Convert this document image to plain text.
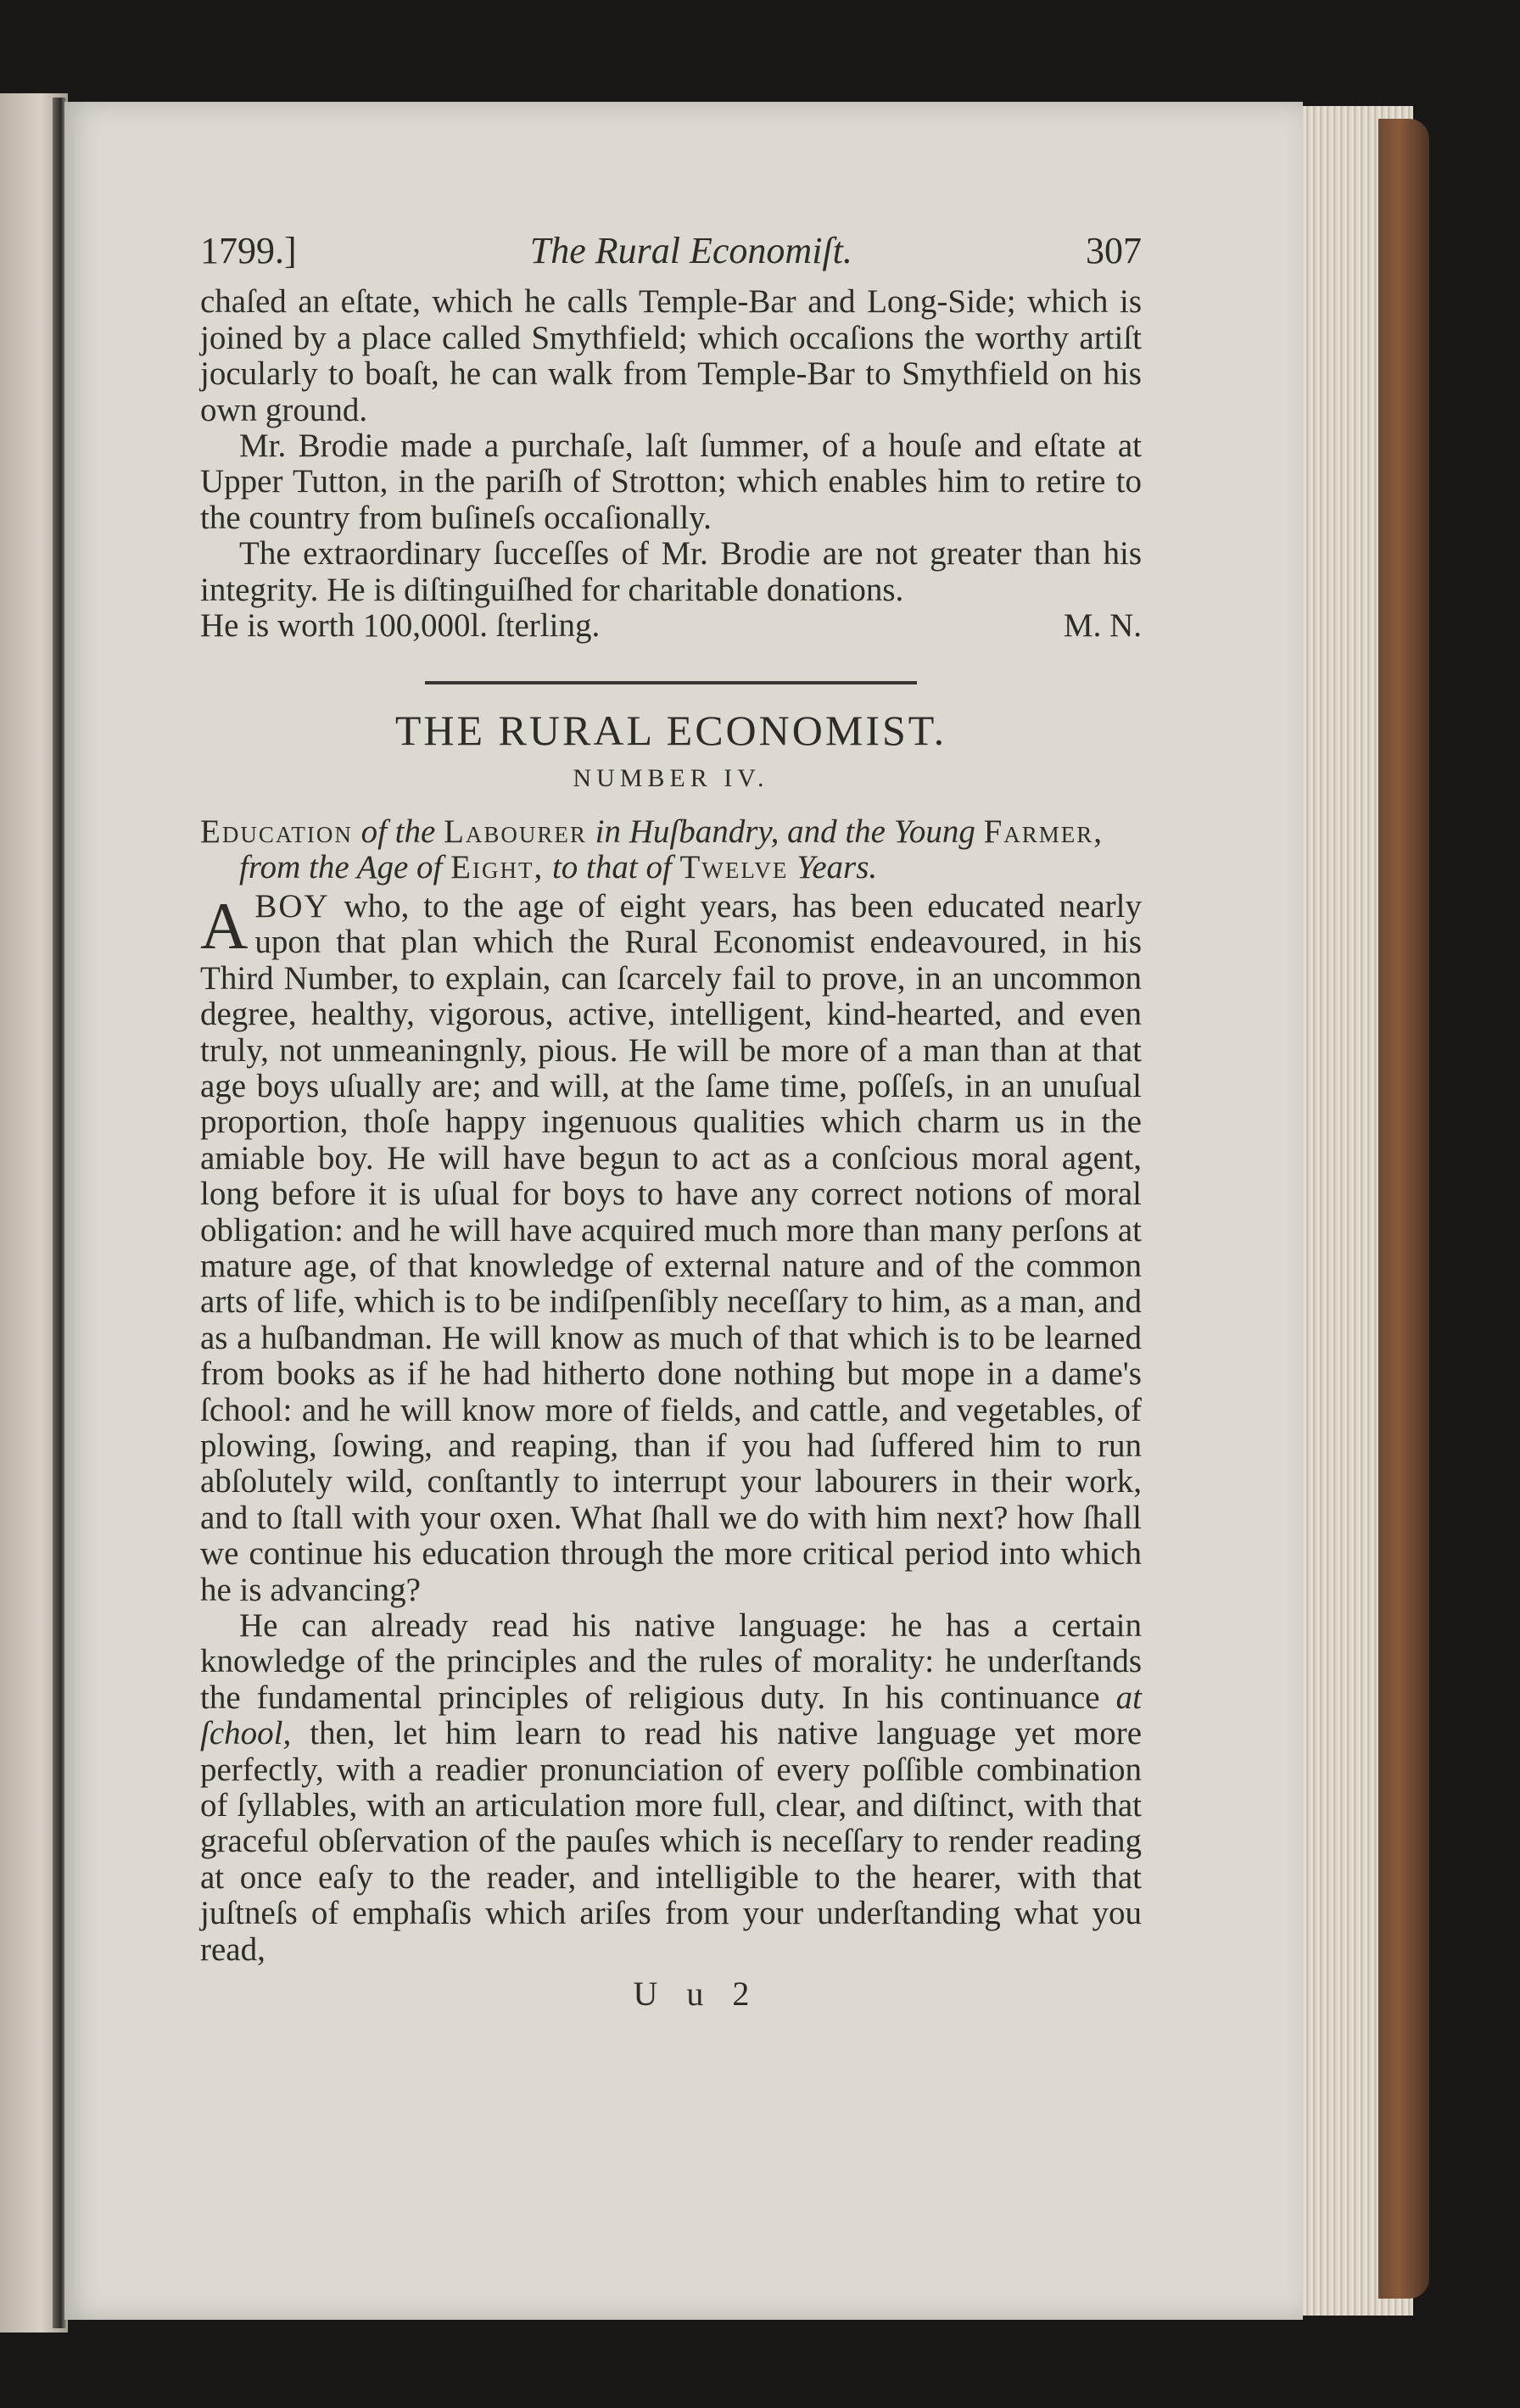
1799.]	The Rural Economiſt.	307

chaſed an eſtate, which he calls Temple-Bar and Long-Side; which is joined by a place called Smythfield; which occaſions the worthy artiſt jocularly to boaſt, he can walk from Temple-Bar to Smythfield on his own ground.

Mr. Brodie made a purchaſe, laſt ſummer, of a houſe and eſtate at Upper Tutton, in the pariſh of Strotton; which enables him to retire to the country from buſineſs occaſionally.

The extraordinary ſucceſſes of Mr. Brodie are not greater than his integrity. He is diſtinguiſhed for charitable donations.

He is worth 100,000l. ſterling.	M. N.
THE RURAL ECONOMIST.
NUMBER IV.
Education of the Labourer in Huſbandry, and the Young Farmer, from the Age of Eight, to that of Twelve Years.

A BOY who, to the age of eight years, has been educated nearly upon that plan which the Rural Economist endeavoured, in his Third Number, to explain, can ſcarcely fail to prove, in an uncommon degree, healthy, vigorous, active, intelligent, kind-hearted, and even truly, not unmeaningnly, pious. He will be more of a man than at that age boys uſually are; and will, at the ſame time, poſſeſs, in an unuſual proportion, thoſe happy ingenuous qualities which charm us in the amiable boy. He will have begun to act as a conſcious moral agent, long before it is uſual for boys to have any correct notions of moral obligation: and he will have acquired much more than many perſons at mature age, of that knowledge of external nature and of the common arts of life, which is to be indiſpenſibly neceſſary to him, as a man, and as a huſbandman. He will know as much of that which is to be learned from books as if he had hitherto done nothing but mope in a dame's ſchool: and he will know more of fields, and cattle, and vegetables, of plowing, ſowing, and reaping, than if you had ſuffered him to run abſolutely wild, conſtantly to interrupt your labourers in their work, and to ſtall with your oxen. What ſhall we do with him next? how ſhall we continue his education through the more critical period into which he is advancing?

He can already read his native language: he has a certain knowledge of the principles and the rules of morality: he underſtands the fundamental principles of religious duty. In his continuance at ſchool, then, let him learn to read his native language yet more perfectly, with a readier pronunciation of every poſſible combination of ſyllables, with an articulation more full, clear, and diſtinct, with that graceful obſervation of the pauſes which is neceſſary to render reading at once eaſy to the reader, and intelligible to the hearer, with that juſtneſs of emphaſis which ariſes from your underſtanding what you read,

U u 2
